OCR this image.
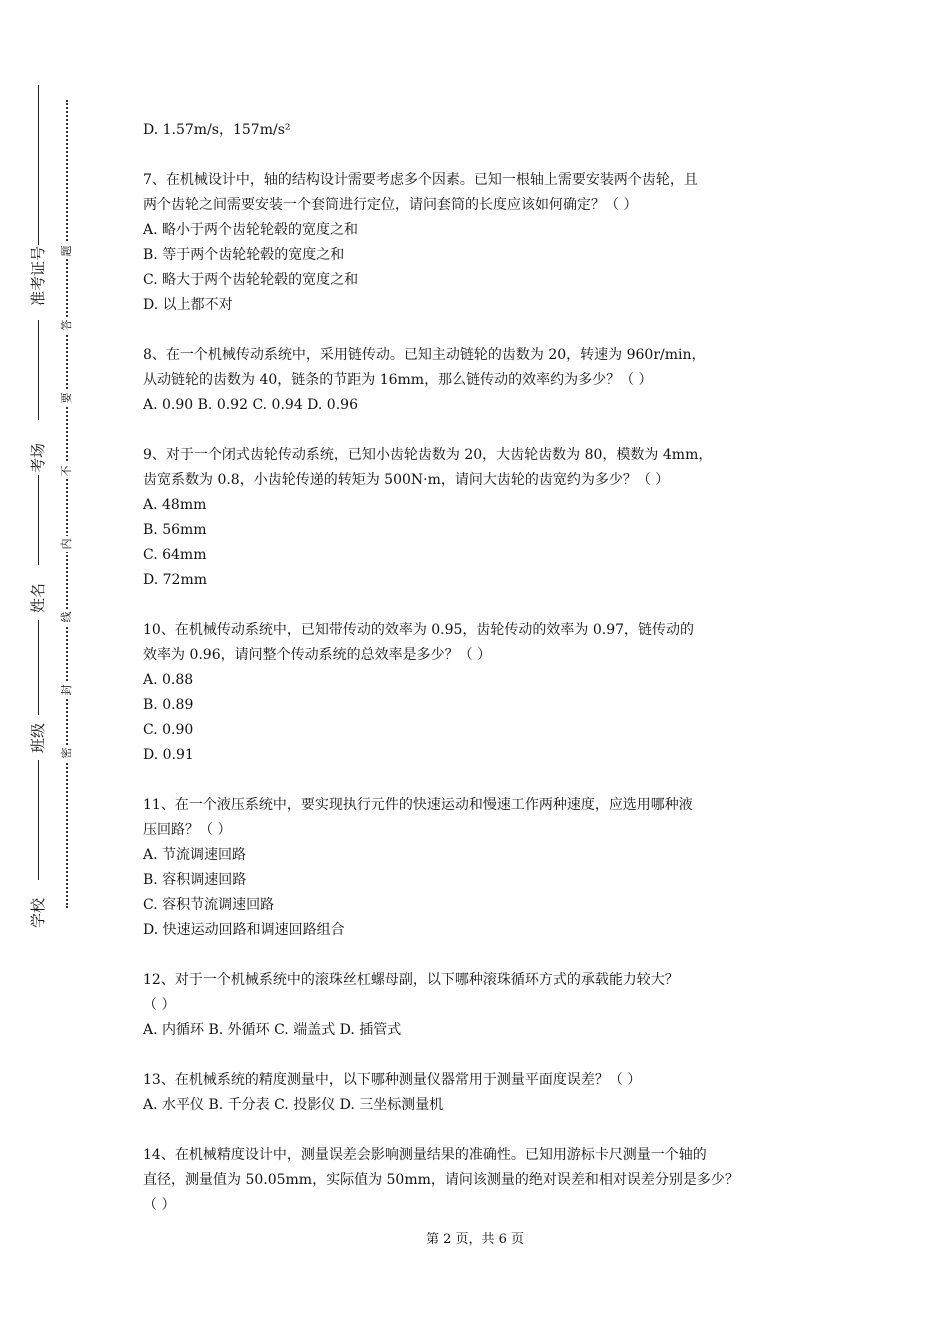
准考证号
考场
姓名
班级
学校
题
答
要
不
内
线
封
密
D. 1.57m/s，157m/s²
7、在机械设计中，轴的结构设计需要考虑多个因素。已知一根轴上需要安装两个齿轮，且
两个齿轮之间需要安装一个套筒进行定位，请问套筒的长度应该如何确定？（ ）
A. 略小于两个齿轮轮毂的宽度之和
B. 等于两个齿轮轮毂的宽度之和
C. 略大于两个齿轮轮毂的宽度之和
D. 以上都不对
8、在一个机械传动系统中，采用链传动。已知主动链轮的齿数为 20，转速为 960r/min，
从动链轮的齿数为 40，链条的节距为 16mm，那么链传动的效率约为多少？（ ）
A. 0.90 B. 0.92 C. 0.94 D. 0.96
9、对于一个闭式齿轮传动系统，已知小齿轮齿数为 20，大齿轮齿数为 80，模数为 4mm，
齿宽系数为 0.8，小齿轮传递的转矩为 500N·m，请问大齿轮的齿宽约为多少？（ ）
A. 48mm
B. 56mm
C. 64mm
D. 72mm
10、在机械传动系统中，已知带传动的效率为 0.95，齿轮传动的效率为 0.97，链传动的
效率为 0.96，请问整个传动系统的总效率是多少？（ ）
A. 0.88
B. 0.89
C. 0.90
D. 0.91
11、在一个液压系统中，要实现执行元件的快速运动和慢速工作两种速度，应选用哪种液
压回路？（ ）
A. 节流调速回路
B. 容积调速回路
C. 容积节流调速回路
D. 快速运动回路和调速回路组合
12、对于一个机械系统中的滚珠丝杠螺母副，以下哪种滚珠循环方式的承载能力较大？
（ ）
A. 内循环 B. 外循环 C. 端盖式 D. 插管式
13、在机械系统的精度测量中，以下哪种测量仪器常用于测量平面度误差？（ ）
A. 水平仪 B. 千分表 C. 投影仪 D. 三坐标测量机
14、在机械精度设计中，测量误差会影响测量结果的准确性。已知用游标卡尺测量一个轴的
直径，测量值为 50.05mm，实际值为 50mm，请问该测量的绝对误差和相对误差分别是多少？
（ ）
第 2 页，共 6 页
